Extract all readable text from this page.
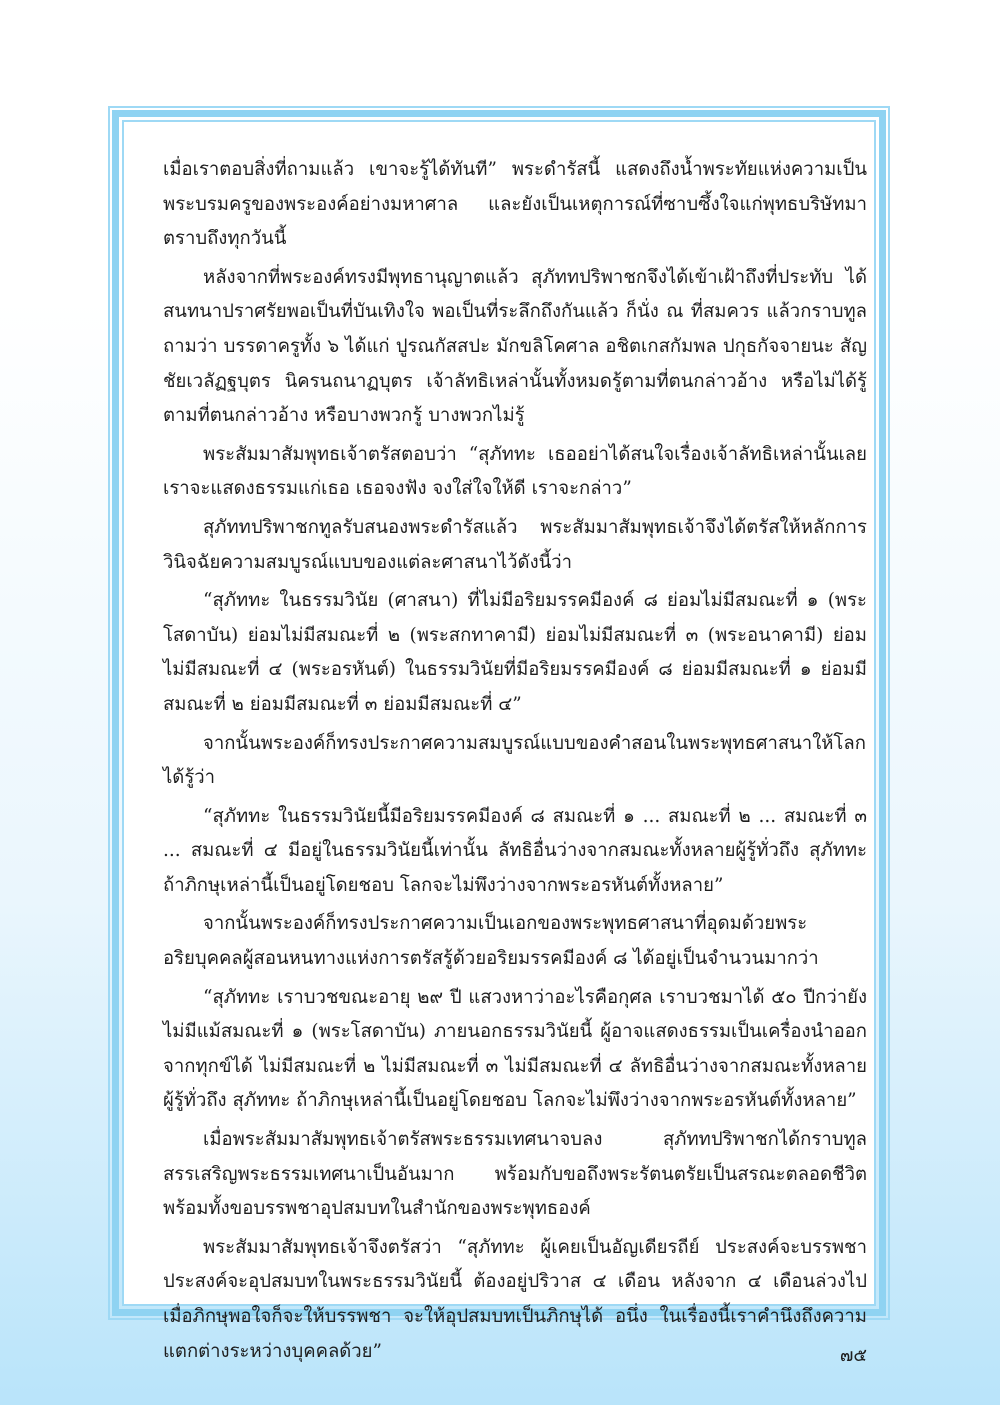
เมื่อเราตอบสิ่งที่ถามแล้ว เขาจะรู้ได้ทันที” พระดำรัสนี้ แสดงถึงน้ำพระทัยแห่งความเป็นพระบรมครูของพระองค์อย่างมหาศาล และยังเป็นเหตุการณ์ที่ซาบซึ้งใจแก่พุทธบริษัทมาตราบถึงทุกวันนี้

หลังจากที่พระองค์ทรงมีพุทธานุญาตแล้ว สุภัททปริพาชกจึงได้เข้าเฝ้าถึงที่ประทับ ได้สนทนาปราศรัยพอเป็นที่บันเทิงใจ พอเป็นที่ระลึกถึงกันแล้ว ก็นั่ง ณ ที่สมควร แล้วกราบทูลถามว่า บรรดาครูทั้ง ๖ ได้แก่ ปูรณกัสสปะ มักขลิโคศาล อชิตเกสกัมพล ปกุธกัจจายนะ สัญชัยเวลัฏฐบุตร นิครนถนาฏบุตร เจ้าลัทธิเหล่านั้นทั้งหมดรู้ตามที่ตนกล่าวอ้าง หรือไม่ได้รู้ตามที่ตนกล่าวอ้าง หรือบางพวกรู้ บางพวกไม่รู้

พระสัมมาสัมพุทธเจ้าตรัสตอบว่า “สุภัททะ เธออย่าได้สนใจเรื่องเจ้าลัทธิเหล่านั้นเลย เราจะแสดงธรรมแก่เธอ เธอจงฟัง จงใส่ใจให้ดี เราจะกล่าว”

สุภัททปริพาชกทูลรับสนองพระดำรัสแล้ว พระสัมมาสัมพุทธเจ้าจึงได้ตรัสให้หลักการวินิจฉัยความสมบูรณ์แบบของแต่ละศาสนาไว้ดังนี้ว่า

“สุภัททะ ในธรรมวินัย (ศาสนา) ที่ไม่มีอริยมรรคมีองค์ ๘ ย่อมไม่มีสมณะที่ ๑ (พระโสดาบัน) ย่อมไม่มีสมณะที่ ๒ (พระสกทาคามี) ย่อมไม่มีสมณะที่ ๓ (พระอนาคามี) ย่อมไม่มีสมณะที่ ๔ (พระอรหันต์) ในธรรมวินัยที่มีอริยมรรคมีองค์ ๘ ย่อมมีสมณะที่ ๑ ย่อมมีสมณะที่ ๒ ย่อมมีสมณะที่ ๓ ย่อมมีสมณะที่ ๔”

จากนั้นพระองค์ก็ทรงประกาศความสมบูรณ์แบบของคำสอนในพระพุทธศาสนาให้โลกได้รู้ว่า

“สุภัททะ ในธรรมวินัยนี้มีอริยมรรคมีองค์ ๘ สมณะที่ ๑ ... สมณะที่ ๒ ... สมณะที่ ๓ ... สมณะที่ ๔ มีอยู่ในธรรมวินัยนี้เท่านั้น ลัทธิอื่นว่างจากสมณะทั้งหลายผู้รู้ทั่วถึง สุภัททะ ถ้าภิกษุเหล่านี้เป็นอยู่โดยชอบ โลกจะไม่พึงว่างจากพระอรหันต์ทั้งหลาย”

จากนั้นพระองค์ก็ทรงประกาศความเป็นเอกของพระพุทธศาสนาที่อุดมด้วยพระอริยบุคคลผู้สอนหนทางแห่งการตรัสรู้ด้วยอริยมรรคมีองค์ ๘ ได้อยู่เป็นจำนวนมากว่า

“สุภัททะ เราบวชขณะอายุ ๒๙ ปี แสวงหาว่าอะไรคือกุศล เราบวชมาได้ ๕๐ ปีกว่ายังไม่มีแม้สมณะที่ ๑ (พระโสดาบัน) ภายนอกธรรมวินัยนี้ ผู้อาจแสดงธรรมเป็นเครื่องนำออกจากทุกข์ได้ ไม่มีสมณะที่ ๒ ไม่มีสมณะที่ ๓ ไม่มีสมณะที่ ๔ ลัทธิอื่นว่างจากสมณะทั้งหลายผู้รู้ทั่วถึง สุภัททะ ถ้าภิกษุเหล่านี้เป็นอยู่โดยชอบ โลกจะไม่พึงว่างจากพระอรหันต์ทั้งหลาย”

เมื่อพระสัมมาสัมพุทธเจ้าตรัสพระธรรมเทศนาจบลง สุภัททปริพาชกได้กราบทูลสรรเสริญพระธรรมเทศนาเป็นอันมาก พร้อมกับขอถึงพระรัตนตรัยเป็นสรณะตลอดชีวิต พร้อมทั้งขอบรรพชาอุปสมบทในสำนักของพระพุทธองค์

พระสัมมาสัมพุทธเจ้าจึงตรัสว่า “สุภัททะ ผู้เคยเป็นอัญเดียรถีย์ ประสงค์จะบรรพชา ประสงค์จะอุปสมบทในพระธรรมวินัยนี้ ต้องอยู่ปริวาส ๔ เดือน หลังจาก ๔ เดือนล่วงไป เมื่อภิกษุพอใจก็จะให้บรรพชา จะให้อุปสมบทเป็นภิกษุได้ อนึ่ง ในเรื่องนี้เราคำนึงถึงความแตกต่างระหว่างบุคคลด้วย”	๗๕
